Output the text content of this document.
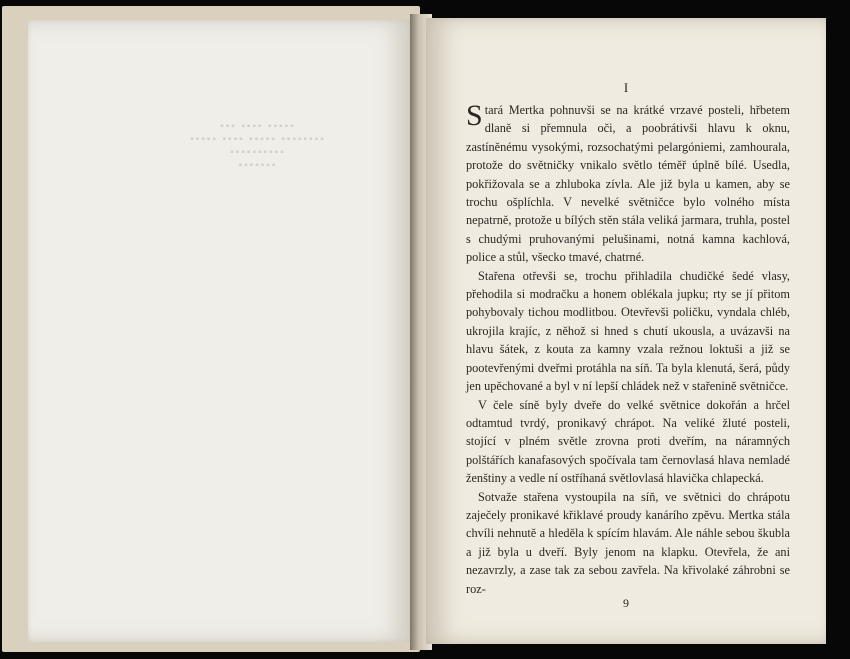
▪▪▪ ▪▪▪▪ ▪▪▪▪▪
▪▪▪▪▪ ▪▪▪▪ ▪▪▪▪▪ ▪▪▪▪▪▪▪▪
▪▪▪▪▪▪▪▪▪▪
▪▪▪▪▪▪▪
I

Stará Mertka pohnuvši se na krátké vrzavé posteli, hřbetem dlaně si přemnula oči, a poobrátivši hlavu k oknu, zastíněnému vysokými, rozsochatými pelargóniemi, zamhourala, protože do světničky vnikalo světlo téměř úplně bílé. Usedla, pokřižovala se a zhluboka zívla. Ale již byla u kamen, aby se trochu ošplíchla. V nevelké světničce bylo volného místa nepatrně, protože u bílých stěn stála veliká jarmara, truhla, postel s chudými pruhovanými pelušinami, notná kamna kachlová, police a stůl, všecko tmavé, chatrné.

Stařena otřevši se, trochu přihladila chudičké šedé vlasy, přehodila si modračku a honem oblékala jupku; rty se jí přitom pohybovaly tichou modlitbou. Otevřevši poličku, vyndala chléb, ukrojila krajíc, z něhož si hned s chutí ukousla, a uvázavši na hlavu šátek, z kouta za kamny vzala režnou loktuši a již se pootevřenými dveřmi protáhla na síň. Ta byla klenutá, šerá, půdy jen upěchované a byl v ní lepší chládek než v stařenině světničce.

V čele síně byly dveře do velké světnice dokořán a hrčel odtamtud tvrdý, pronikavý chrápot. Na veliké žluté posteli, stojící v plném světle zrovna proti dveřím, na náramných polštářích kanafasových spočívala tam černovlasá hlava nemladé ženštiny a vedle ní ostříhaná světlovlasá hlavička chlapecká.

Sotvaže stařena vystoupila na síň, ve světnici do chrápotu zaječely pronikavé křiklavé proudy kanárího zpěvu. Mertka stála chvíli nehnutě a hleděla k spícím hlavám. Ale náhle sebou škubla a již byla u dveří. Byly jenom na klapku. Otevřela, že ani nezavrzly, a zase tak za sebou zavřela. Na křivolaké záhrobni se roz-

9
